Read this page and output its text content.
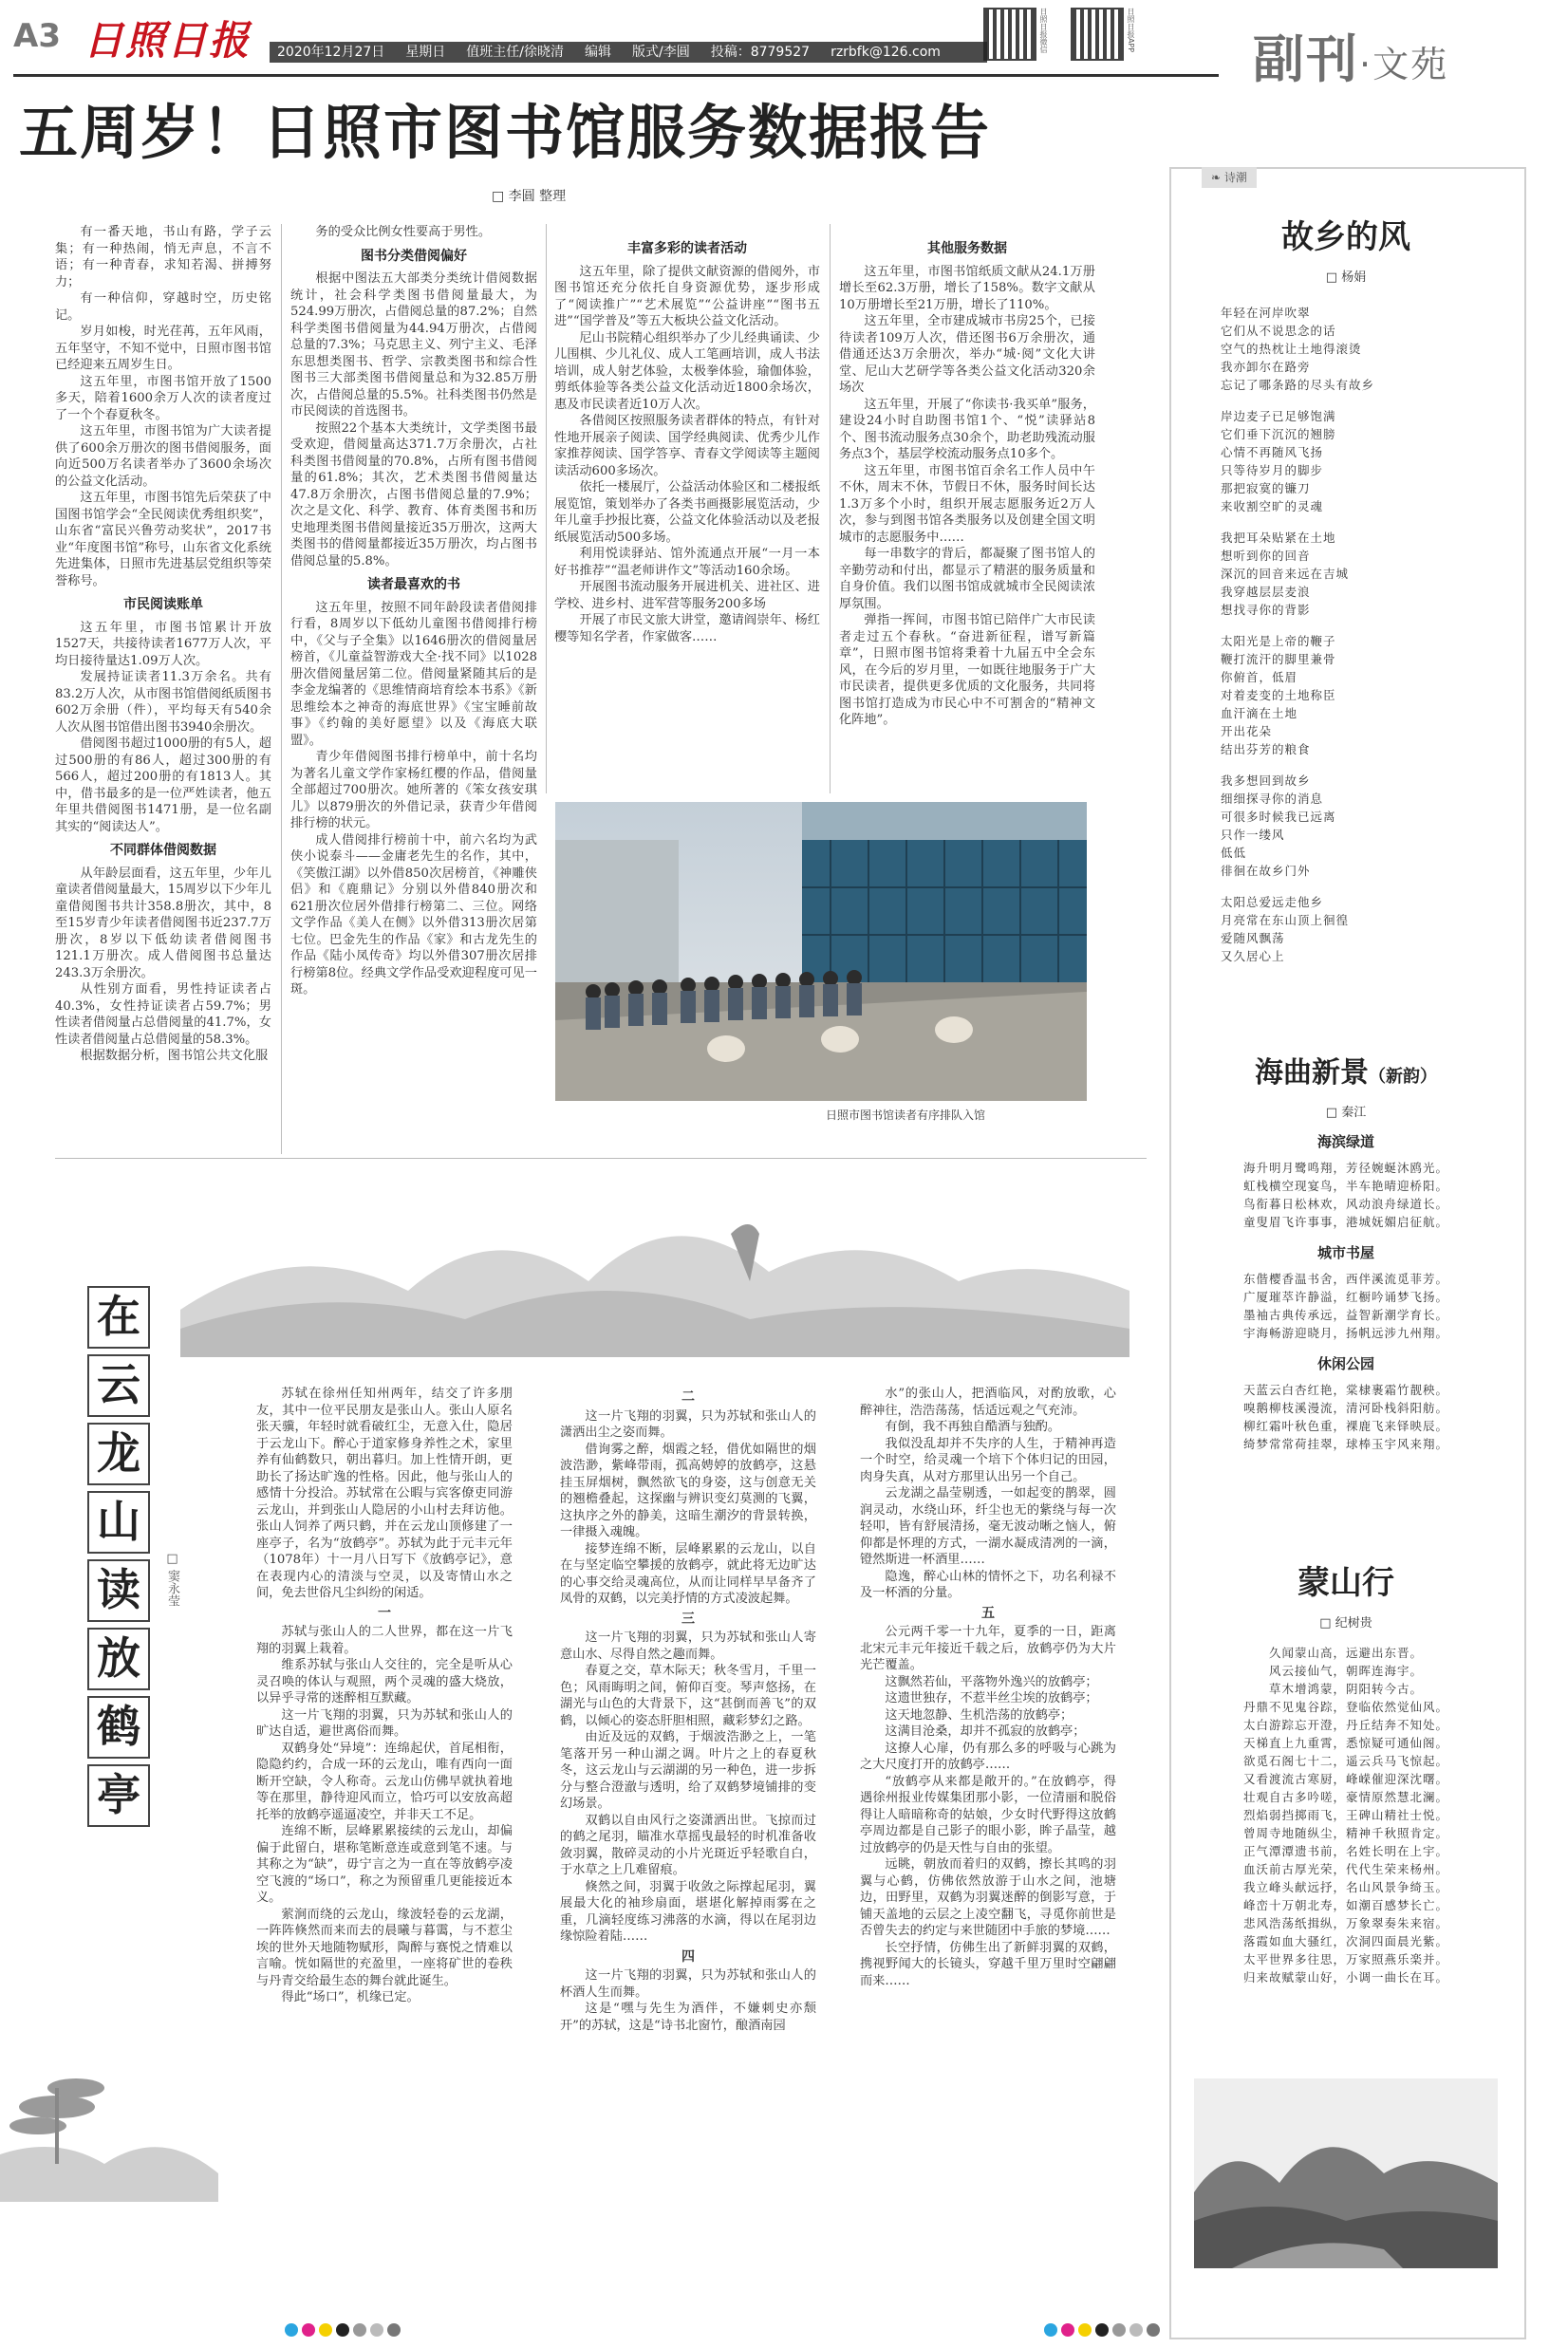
A3 日照日报	2020年12月27日 星期日 值班主任/徐晓清 编辑 版式/李圓 投稿：8779527 rzrbfk@126.com	日照日报微信	日照日报APP 副刊·文苑
五周岁！日照市图书馆服务数据报告
□ 李圓 整理

有一番天地，书山有路，学子云集；有一种热闹，悄无声息，不言不语；有一种青春，求知若渴、拼搏努力；

有一种信仰，穿越时空，历史铭记。

岁月如梭，时光荏苒，五年风雨，五年坚守，不知不觉中，日照市图书馆已经迎来五周岁生日。

这五年里，市图书馆开放了1500多天，陪着1600余万人次的读者度过了一个个春夏秋冬。

这五年里，市图书馆为广大读者提供了600余万册次的图书借阅服务，面向近500万名读者举办了3600余场次的公益文化活动。

这五年里，市图书馆先后荣获了中国图书馆学会“全民阅读优秀组织奖”，山东省“富民兴鲁劳动奖状”，2017书业“年度图书馆”称号，山东省文化系统先进集体，日照市先进基层党组织等荣誉称号。

市民阅读账单

这五年里，市图书馆累计开放1527天，共接待读者1677万人次，平均日接待量达1.09万人次。

发展持证读者11.3万余名。共有83.2万人次，从市图书馆借阅纸质图书602万余册（件），平均每天有540余人次从图书馆借出图书3940余册次。

借阅图书超过1000册的有5人，超过500册的有86人，超过300册的有566人，超过200册的有1813人。其中，借书最多的是一位严姓读者，他五年里共借阅图书1471册，是一位名副其实的“阅读达人”。

不同群体借阅数据

从年龄层面看，这五年里，少年儿童读者借阅量最大，15周岁以下少年儿童借阅图书共计358.8册次，其中，8至15岁青少年读者借阅图书近237.7万册次，8岁以下低幼读者借阅图书121.1万册次。成人借阅图书总量达243.3万余册次。

从性别方面看，男性持证读者占40.3%，女性持证读者占59.7%；男性读者借阅量占总借阅量的41.7%，女性读者借阅量占总借阅量的58.3%。

根据数据分析，图书馆公共文化服

务的受众比例女性要高于男性。

图书分类借阅偏好

根据中图法五大部类分类统计借阅数据统计，社会科学类图书借阅量最大，为524.99万册次，占借阅总量的87.2%；自然科学类图书借阅量为44.94万册次，占借阅总量的7.3%；马克思主义、列宁主义、毛泽东思想类图书、哲学、宗教类图书和综合性图书三大部类图书借阅量总和为32.85万册次，占借阅总量的5.5%。社科类图书仍然是市民阅读的首选图书。

按照22个基本大类统计，文学类图书最受欢迎，借阅量高达371.7万余册次，占社科类图书借阅量的70.8%，占所有图书借阅量的61.8%；其次，艺术类图书借阅量达47.8万余册次，占图书借阅总量的7.9%；次之是文化、科学、教育、体育类图书和历史地理类图书借阅量接近35万册次，这两大类图书的借阅量都接近35万册次，均占图书借阅总量的5.8%。

读者最喜欢的书

这五年里，按照不同年龄段读者借阅排行看，8周岁以下低幼儿童图书借阅排行榜中，《父与子全集》以1646册次的借阅量居榜首，《儿童益智游戏大全·找不同》以1028册次借阅量居第二位。借阅量紧随其后的是李金龙编著的《思维情商培育绘本书系》《新思维绘本之神奇的海底世界》《宝宝睡前故事》《约翰的美好愿望》以及《海底大联盟》。

青少年借阅图书排行榜单中，前十名均为著名儿童文学作家杨红樱的作品，借阅量全部超过700册次。她所著的《笨女孩安琪儿》以879册次的外借记录，获青少年借阅排行榜的状元。

成人借阅排行榜前十中，前六名均为武侠小说泰斗——金庸老先生的名作，其中，《笑傲江湖》以外借850次居榜首，《神雕侠侣》和《鹿鼎记》分别以外借840册次和621册次位居外借排行榜第二、三位。网络文学作品《美人在侧》以外借313册次居第七位。巴金先生的作品《家》和古龙先生的作品《陆小凤传奇》均以外借307册次居排行榜第8位。经典文学作品受欢迎程度可见一斑。

丰富多彩的读者活动

这五年里，除了提供文献资源的借阅外，市图书馆还充分依托自身资源优势，逐步形成了“阅读推广”“艺术展览”“公益讲座”“图书五进”“国学普及”等五大板块公益文化活动。

尼山书院精心组织举办了少儿经典诵读、少儿围棋、少儿礼仪、成人工笔画培训，成人书法培训，成人射艺体验，太极拳体验，瑜伽体验，剪纸体验等各类公益文化活动近1800余场次，惠及市民读者近10万人次。

各借阅区按照服务读者群体的特点，有针对性地开展亲子阅读、国学经典阅读、优秀少儿作家推荐阅读、国学答享、青春文学阅读等主题阅读活动600多场次。

依托一楼展厅，公益活动体验区和二楼报纸展览馆，策划举办了各类书画摄影展览活动，少年儿童手抄报比赛，公益文化体验活动以及老报纸展览活动500多场。

利用悦读驿站、馆外流通点开展“一月一本好书推荐”“温老师讲作文”等活动160余场。

开展图书流动服务开展进机关、进社区、进学校、进乡村、进军营等服务200多场

开展了市民文旅大讲堂，邀请阎崇年、杨红樱等知名学者，作家做客……

其他服务数据

这五年里，市图书馆纸质文献从24.1万册增长至62.3万册，增长了158%。数字文献从10万册增长至21万册，增长了110%。

这五年里，全市建成城市书房25个，已接待读者109万人次，借还图书6万余册次，通借通还达3万余册次，举办“城·阅”文化大讲堂、尼山大艺研学等各类公益文化活动320余场次

这五年里，开展了“你读书·我买单”服务，建设24小时自助图书馆1个、“悦”读驿站8个、图书流动服务点30余个，助老助残流动服务点3个，基层学校流动服务点10多个。

这五年里，市图书馆百余名工作人员中午不休，周末不休，节假日不休，服务时间长达1.3万多个小时，组织开展志愿服务近2万人次，参与到图书馆各类服务以及创建全国文明城市的志愿服务中……

每一串数字的背后，都凝聚了图书馆人的辛勤劳动和付出，都显示了精湛的服务质量和自身价值。我们以图书馆成就城市全民阅读浓厚氛围。

弹指一挥间，市图书馆已陪伴广大市民读者走过五个春秋。“奋进新征程，谱写新篇章”，日照市图书馆将秉着十九届五中全会东风，在今后的岁月里，一如既往地服务于广大市民读者，提供更多优质的文化服务，共同将图书馆打造成为市民心中不可割舍的“精神文化阵地”。

日照市图书馆读者有序排队入馆
在
云
龙
山
读
放
鹤
亭
□ 窦永莹

苏轼在徐州任知州两年，结交了许多朋友，其中一位平民朋友是张山人。张山人原名张天骥，年轻时就看破红尘，无意入仕，隐居于云龙山下。醉心于道家修身养性之术，家里养有仙鹤数只，朝出暮归。加上性情开朗，更助长了扬达旷逸的性格。因此，他与张山人的感情十分投洽。苏轼常在公暇与宾客僚吏同游云龙山，并到张山人隐居的小山村去拜访他。张山人饲养了两只鹤，并在云龙山顶修建了一座亭子，名为“放鹤亭”。苏轼为此于元丰元年（1078年）十一月八日写下《放鹤亭记》，意在表现内心的清淡与空灵，以及寄情山水之间，免去世俗凡尘纠纷的闲适。

一

苏轼与张山人的二人世界，都在这一片飞翔的羽翼上栽着。

维系苏轼与张山人交往的，完全是听从心灵召唤的体认与观照，两个灵魂的盛大烧放，以异乎寻常的迷醉相互默藏。

这一片飞翔的羽翼，只为苏轼和张山人的旷达自适，避世离俗而舞。

双鹤身处“异境”：连绵起伏，首尾相衔，隐隐约约，合成一环的云龙山，唯有西向一面断开空缺，令人称奇。云龙山仿佛早就执着地等在那里，静待迎风而立，恰巧可以安放高超托举的放鹤亭遥逼凌空，并非天工不足。

连绵不断，层峰累累接续的云龙山，却偏偏于此留白，堪称笔断意连或意到笔不速。与其称之为“缺”，毋宁言之为一直在等放鹤亭凌空飞渡的“场口”，称之为预留重几更能接近本义。

萦涧而绕的云龙山，缘波轻卷的云龙湖，一阵阵倏然而来而去的晨曦与暮霭，与不惹尘埃的世外天地随物赋形，陶醉与赛悦之情难以言喻。恍如隔世的充盈里，一座将矿世的卷秩与丹青交给最生态的舞台就此诞生。

得此“场口”，机缘已定。

二

这一片飞翔的羽翼，只为苏轼和张山人的潇洒出尘之姿而舞。

借询雾之醉，烟霞之轻，借优如隔世的烟波浩渺，紫峰带雨，孤高娉婷的放鹤亭，这悬挂玉屏烟树，飘然欲飞的身姿，这与创意无关的翘檐叠起，这探幽与辨识变幻莫测的飞翼，这执序之外的静美，这暗生潮汐的背景转换，一律摄入魂魄。

接梦连绵不断，层峰累累的云龙山，以自在与坚定临空攀援的放鹤亭，就此将无边旷达的心事交给灵魂高位，从而让同样早早备齐了凤骨的双鹤，以完美抒情的方式凌波起舞。

三

这一片飞翔的羽翼，只为苏轼和张山人寄意山水、尽得自然之趣而舞。

春夏之交，草木际天；秋冬雪月，千里一色；风雨晦明之间，俯仰百变。琴声悠扬，在湖光与山色的大背景下，这“甚倒而善飞”的双鹤，以倾心的姿态肝胆相照，藏彩梦幻之路。

由近及远的双鹤，于烟波浩渺之上，一笔笔落开另一种山湖之调。叶片之上的春夏秋冬，这云龙山与云湖湖的另一种色，进一步拆分与整合澄澈与透明，给了双鹤梦境铺排的变幻场景。

双鹤以自由风行之姿潇洒出世。飞掠而过的鹤之尾羽，瞄准水草摇曳最轻的时机准备收敛羽翼，散碎灵动的小片光斑近乎轻歌自白，于水草之上几难留痕。

倏然之间，羽翼于收敛之际撑起尾羽，翼展最大化的袖珍扇面，堪堪化解掉雨雾在之重，几滴轻度练习沸落的水滴，得以在尾羽边缘惊险着陆……

四

这一片飞翔的羽翼，只为苏轼和张山人的杯酒人生而舞。

这是“嘿与先生为酒伴，不嫌刺史亦颓开”的苏轼，这是“诗书北窗竹，酿酒南园

水”的张山人，把酒临风，对酌放歌，心醉神往，浩浩荡荡，恬适远观之气充沛。

有倒，我不再独自酷酒与独酌。

我似没乱却并不失序的人生，于精神再造一个时空，给灵魂一个培下个体归记的田园，肉身失真，从对方那里认出另一个自己。

云龙湖之晶莹剔透，一如起变的鹊翠，圆润灵动，水绕山环，纤尘也无的紫绕与每一次轻叩，皆有舒展清扬，毫无波动晰之恼人，俯仰都是怀理的方式，一湖水凝成清冽的一滴，镫然斯进一杯酒里……

隐逸，醉心山林的情怀之下，功名利禄不及一杯酒的分量。

五

公元两千零一十九年，夏季的一日，距离北宋元丰元年接近千载之后，放鹤亭仍为大片光芒覆盖。

这飘然若仙，平落物外逸兴的放鹤亭；

这遗世独存，不惹半丝尘埃的放鹤亭；

这天地忽静、生机浩荡的放鹤亭；

这满目沧桑，却并不孤寂的放鹤亭；

这撩人心扉，仍有那么多的呼吸与心跳为之大尺度打开的放鹤亭……

“放鹤亭从来都是敞开的。”在放鹤亭，得遇徐州报业传媒集团那小影，一位清丽和脱俗得让人暗暗称奇的姑娘，少女时代野得这放鹤亭周边都是自己影子的眼小影，眸子晶莹，越过放鹤亭的仍是天性与自由的张望。

远眺，朝放而着归的双鹤，擦长其鸣的羽翼与心鹤，仿佛依然放游于山水之间，池塘边，田野里，双鹤为羽翼迷醉的倒影写意，于铺天盖地的云层之上凌空翻飞，寻觅你前世是否曾失去的约定与来世随团中手旅的梦境……

长空抒情，仿佛生出了新鲜羽翼的双鹤，携视野闻大的长镜头，穿越千里万里时空翩翩而来……

❧ 诗潮
故乡的风
□ 杨娟
年轻在河岸吹翠
它们从不说思念的话
空气的热枕让土地得滚烫
我亦卸尔在路旁
忘记了哪条路的尽头有故乡
岸边麦子已足够饱满
它们垂下沉沉的翘膀
心情不再随风飞扬
只等待岁月的脚步
那把寂寞的镰刀
来收割空旷的灵魂
我把耳朵贴紧在土地
想听到你的回音
深沉的回音来远在吉城
我穿越层层麦浪
想找寻你的背影
太阳光是上帝的鞭子
鞭打流汗的脚里兼骨
你俯首，低眉
对着麦变的土地称臣
血汗滴在土地
开出花朵
结出芬芳的粮食
我多想回到故乡
细细探寻你的消息
可很多时候我已远离
只作一缕风
低低
徘徊在故乡门外
太阳总爱远走他乡
月亮常在东山顶上徊徨
爱随风飘荡
又久居心上
海曲新景（新韵）
□ 秦江
海滨绿道
海升明月鹭鸣翔，芳径婉蜒沐鸥光。
虹栈横空现宴鸟，半车艳晴迎桥阳。
鸟衔暮日松林欢，风动浪舟绿道长。
童叟眉飞许事事，港城妩媚启征航。
城市书屋
东偕樱香温书舍，西伴溪流觅菲芳。
广厦璀萃许静溢，红橱吟诵梦飞扬。
墨袖古典传承远，益智新潮学育长。
宇海畅游迎晓月，扬帆远涉九州翔。
休闲公园
天蓝云白杏红艳，棠棣裹霜竹靓秧。
嗅鹅柳枝溪漫流，清河卧栈斜阳舫。
柳红霜叶秋色重，裸鹿飞来铎映辰。
绮梦常常荷挂翠，球棒玉宇风来翔。
蒙山行
□ 纪树贵
久闻蒙山高，远避出东晋。
风云接仙气，朝晖连海宇。
草木增鸿蒙，阴阳转今古。
丹鼎不见鬼谷踪，登临依然觉仙风。
太白游踪忘开澄，丹丘结奔不知处。
天梯直上九重霄，悉惊疑可通仙阁。
欲觅石阁七十二，遥云兵马飞惊起。
又看渡流古寒厨，峰嵘催迎深沈曙。
壮观自古多吟嗟，豪情原然慧北澜。
烈焰弱挡掷雨飞，王碑山精社士悦。
曾周寺地随纵尘，精神千秋照肯定。
正气潭潭遗书前，名姓长明在上宇。
血沃前古厚光荣，代代生荣来杨州。
我立峰头献远抒，名山风景争绮玉。
峰峦十万朝北寿，如潮百感梦长亡。
悲风浩荡纸揖纵，万象翠奏朱来宿。
落霞如血大骚红，次洞四面晨光紫。
太平世界多往思，万家照燕乐楽并。
归来故赋蒙山好，小调一曲长在耳。
